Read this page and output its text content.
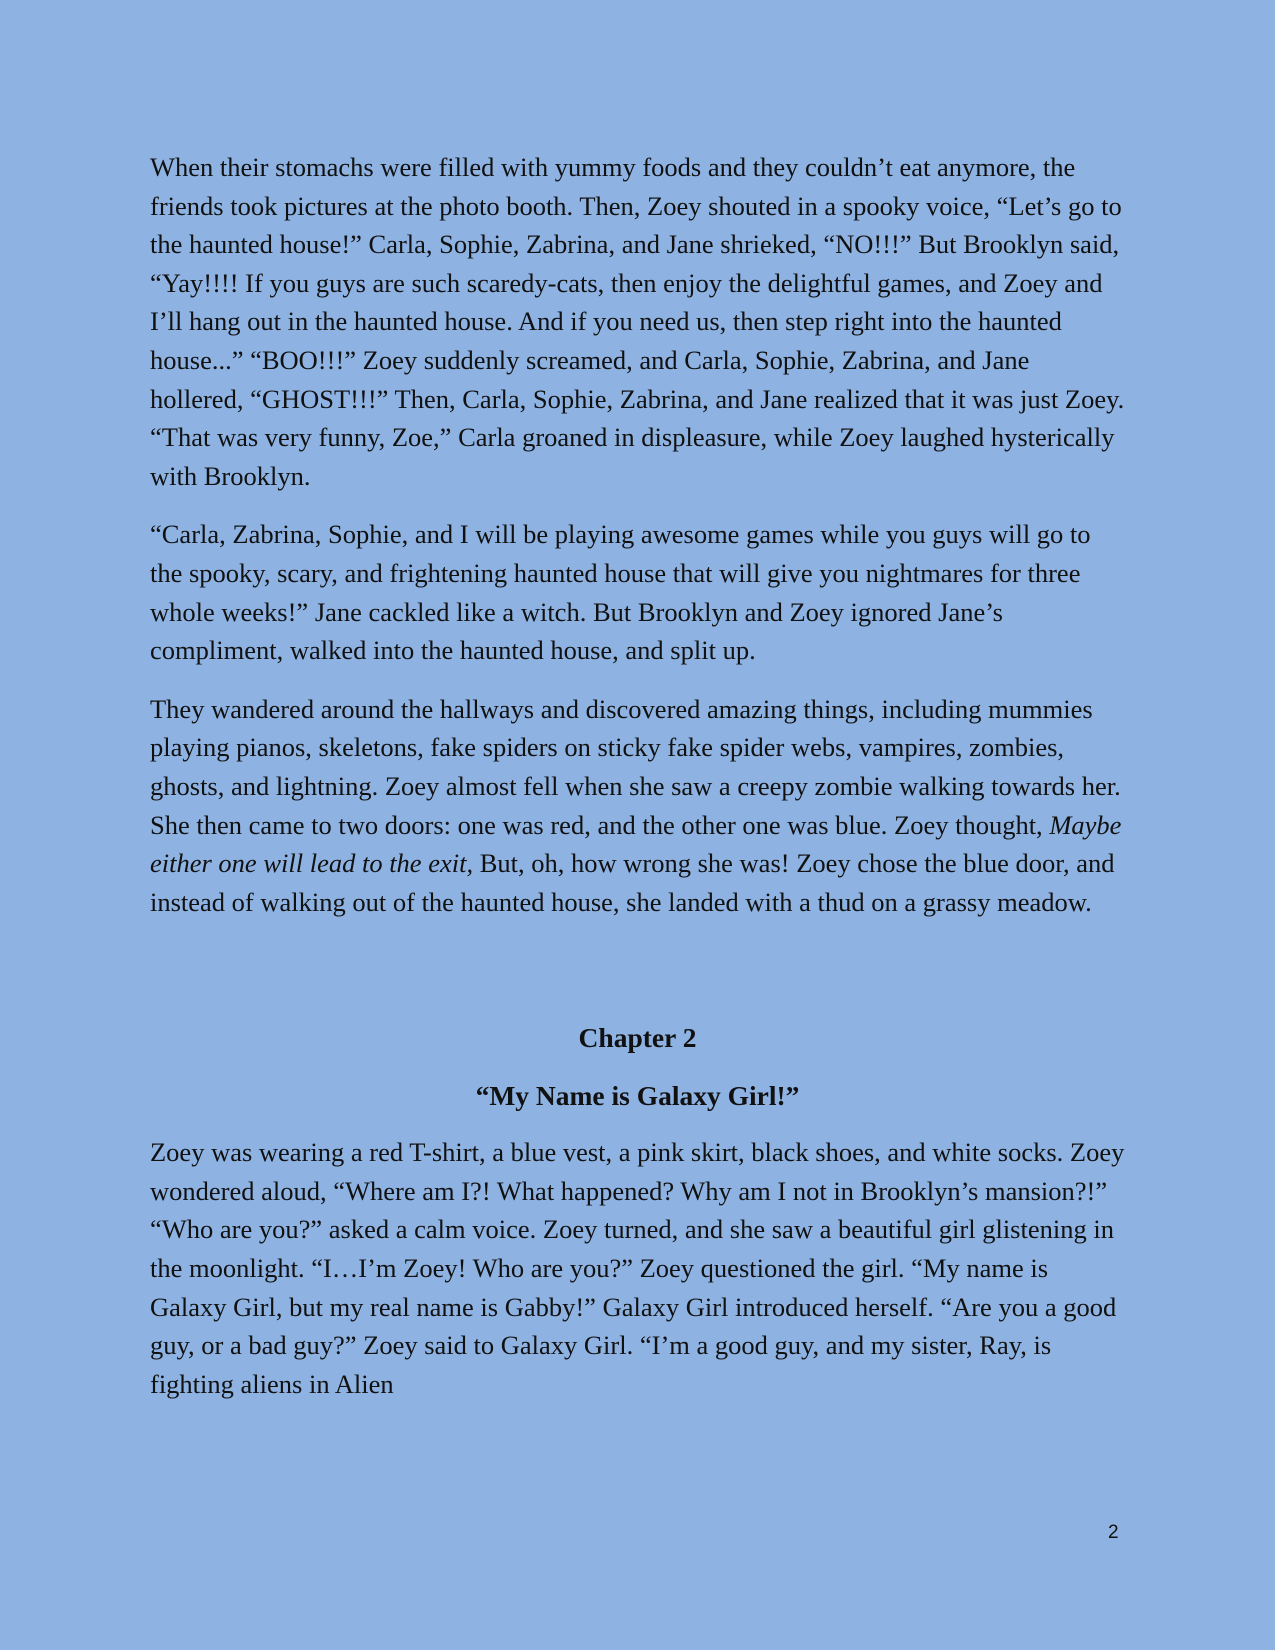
When their stomachs were filled with yummy foods and they couldn’t eat anymore, the friends took pictures at the photo booth. Then, Zoey shouted in a spooky voice, “Let’s go to the haunted house!” Carla, Sophie, Zabrina, and Jane shrieked, “NO!!!” But Brooklyn said, “Yay!!!! If you guys are such scaredy-cats, then enjoy the delightful games, and Zoey and I’ll hang out in the haunted house. And if you need us, then step right into the haunted house...” “BOO!!!” Zoey suddenly screamed, and Carla, Sophie, Zabrina, and Jane hollered, “GHOST!!!” Then, Carla, Sophie, Zabrina, and Jane realized that it was just Zoey. “That was very funny, Zoe,” Carla groaned in displeasure, while Zoey laughed hysterically with Brooklyn.

“Carla, Zabrina, Sophie, and I will be playing awesome games while you guys will go to the spooky, scary, and frightening haunted house that will give you nightmares for three whole weeks!” Jane cackled like a witch. But Brooklyn and Zoey ignored Jane’s compliment, walked into the haunted house, and split up.

They wandered around the hallways and discovered amazing things, including mummies playing pianos, skeletons, fake spiders on sticky fake spider webs, vampires, zombies, ghosts, and lightning. Zoey almost fell when she saw a creepy zombie walking towards her. She then came to two doors: one was red, and the other one was blue. Zoey thought, Maybe either one will lead to the exit, But, oh, how wrong she was! Zoey chose the blue door, and instead of walking out of the haunted house, she landed with a thud on a grassy meadow.

Chapter 2
“My Name is Galaxy Girl!”

Zoey was wearing a red T-shirt, a blue vest, a pink skirt, black shoes, and white socks. Zoey wondered aloud, “Where am I?! What happened? Why am I not in Brooklyn’s mansion?!” “Who are you?” asked a calm voice. Zoey turned, and she saw a beautiful girl glistening in the moonlight. “I…I’m Zoey! Who are you?” Zoey questioned the girl. “My name is Galaxy Girl, but my real name is Gabby!” Galaxy Girl introduced herself. “Are you a good guy, or a bad guy?” Zoey said to Galaxy Girl. “I’m a good guy, and my sister, Ray, is fighting aliens in Alien

2
